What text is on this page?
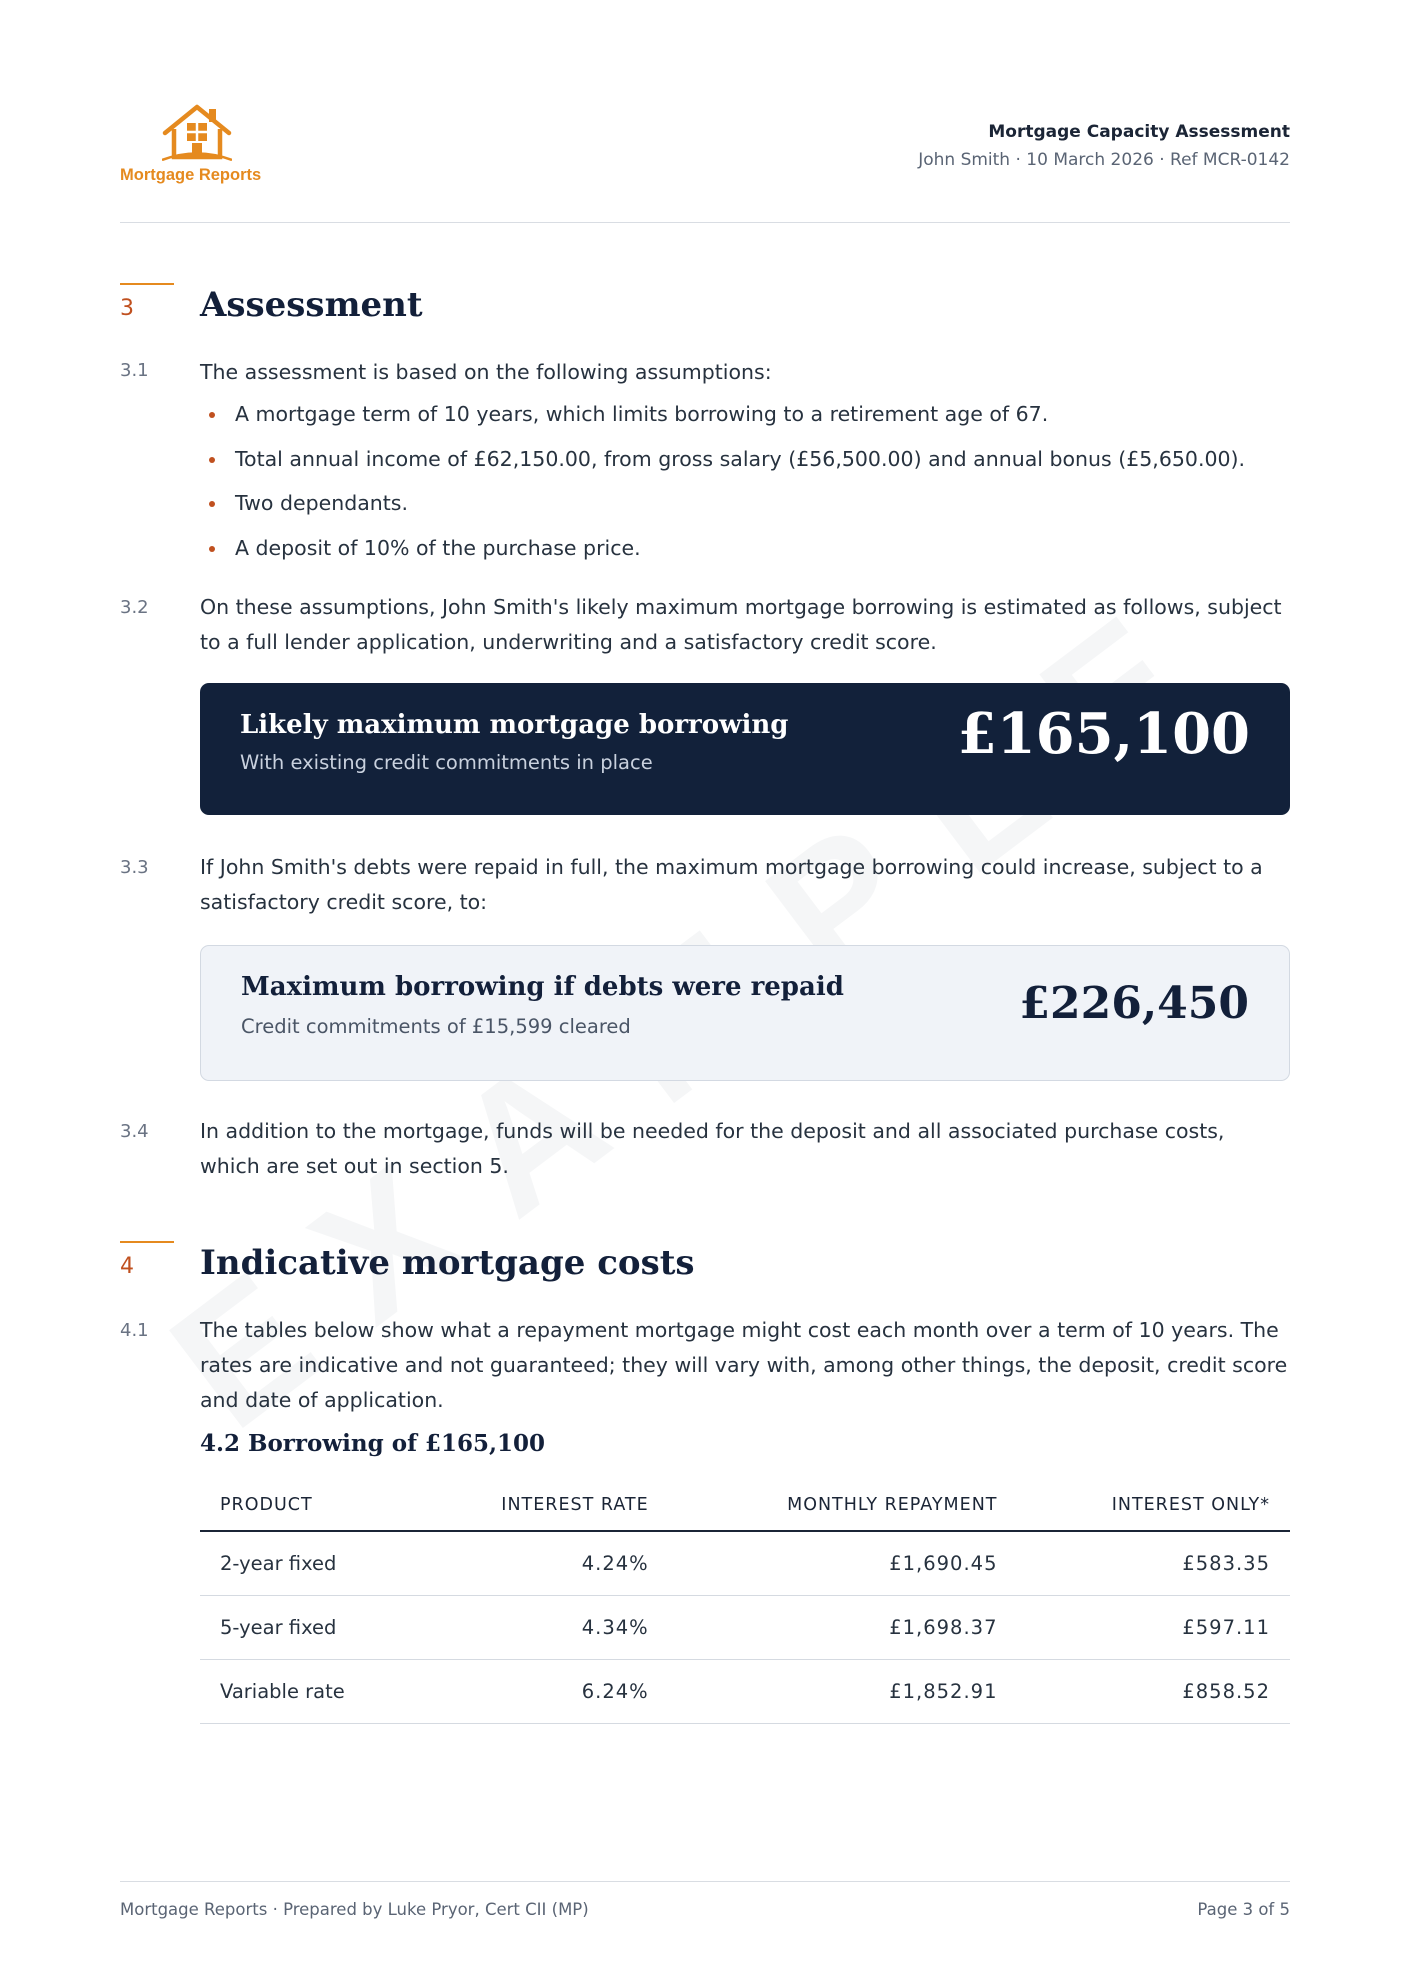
Mortgage Reports
Mortgage Capacity Assessment
John Smith · 10 March 2026 · Ref MCR-0142
3 Assessment
3.1	The assessment is based on the following assumptions:
A mortgage term of 10 years, which limits borrowing to a retirement age of 67.
Total annual income of £62,150.00, from gross salary (£56,500.00) and annual bonus (£5,650.00).
Two dependants.
A deposit of 10% of the purchase price.
3.2	On these assumptions, John Smith's likely maximum mortgage borrowing is estimated as follows, subject to a full lender application, underwriting and a satisfactory credit score.
Likely maximum mortgage borrowing
With existing credit commitments in place	£165,100
3.3	If John Smith's debts were repaid in full, the maximum mortgage borrowing could increase, subject to a satisfactory credit score, to:
Maximum borrowing if debts were repaid
Credit commitments of £15,599 cleared	£226,450
3.4	In addition to the mortgage, funds will be needed for the deposit and all associated purchase costs, which are set out in section 5.
4 Indicative mortgage costs
4.1	The tables below show what a repayment mortgage might cost each month over a term of 10 years. The rates are indicative and not guaranteed; they will vary with, among other things, the deposit, credit score and date of application.
4.2 Borrowing of £165,100
PRODUCT	INTEREST RATE	MONTHLY REPAYMENT	INTEREST ONLY*
2-year fixed	4.24%	£1,690.45	£583.35
5-year fixed	4.34%	£1,698.37	£597.11
Variable rate	6.24%	£1,852.91	£858.52
Mortgage Reports · Prepared by Luke Pryor, Cert CII (MP)	Page 3 of 5
